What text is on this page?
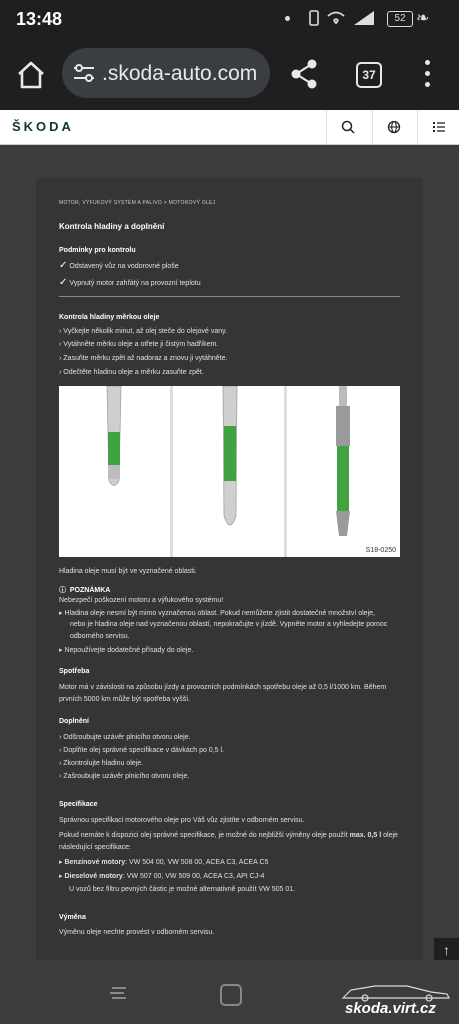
13:48	52 ❧
.skoda-auto.com	37
ŠKODA
MOTOR, VÝFUKOVÝ SYSTÉM A PALIVO > MOTOROVÝ OLEJ
Kontrola hladiny a doplnění
Podmínky pro kontrolu
✓ Odstavený vůz na vodorovné ploše
✓ Vypnutý motor zahřátý na provozní teplotu
Kontrola hladiny měrkou oleje
› Vyčkejte několik minut, až olej steče do olejové vany.
› Vytáhněte měrku oleje a otřete ji čistým hadříkem.
› Zasuňte měrku zpět až nadoraz a znovu ji vytáhněte.
› Odečtěte hladinu oleje a měrku zasuňte zpět.
S18-0250
Hladina oleje musí být ve vyznačené oblasti.
ⓘ POZNÁMKA
Nebezpečí poškození motoru a výfukového systému!
▸ Hladina oleje nesmí být mimo vyznačenou oblast. Pokud nemůžete zjistit dostatečné množství oleje,
nebo je hladina oleje nad vyznačenou oblastí, nepokračujte v jízdě. Vypněte motor a vyhledejte pomoc
odborného servisu.
▸ Nepoužívejte dodatečné přísady do oleje.
Spotřeba
Motor má v závislosti na způsobu jízdy a provozních podmínkách spotřebu oleje až 0,5 l/1000 km. Během
prvních 5000 km může být spotřeba vyšší.
Doplnění
› Odšroubujte uzávěr plnicího otvoru oleje.
› Doplňte olej správné specifikace v dávkách po 0,5 l.
› Zkontrolujte hladinu oleje.
› Zašroubujte uzávěr plnicího otvoru oleje.
Specifikace
Správnou specifikaci motorového oleje pro Váš vůz zjistíte v odborném servisu.
Pokud nemáte k dispozici olej správné specifikace, je možné do nejbližší výměny oleje použít max. 0,5 l oleje
následující specifikace:
▸ Benzinové motory: VW 504 00, VW 508 00, ACEA C3, ACEA C5
▸ Dieselové motory: VW 507 00, VW 509 00, ACEA C3, API CJ-4
U vozů bez filtru pevných částic je možné alternativně použít VW 505 01.
Výměna
Výměnu oleje nechte provést v odborném servisu.
↑
skoda.virt.cz
